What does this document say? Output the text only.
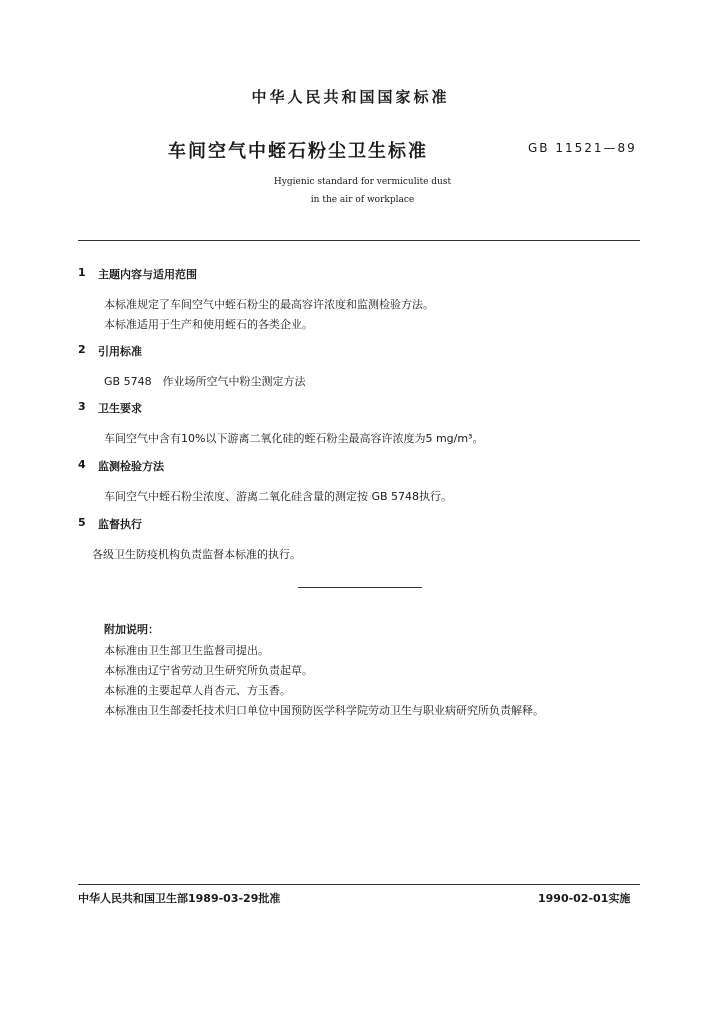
中华人民共和国国家标准
车间空气中蛭石粉尘卫生标准	GB 11521—89
Hygienic standard for vermiculite dust
in the air of workplace
1 主题内容与适用范围
本标准规定了车间空气中蛭石粉尘的最高容许浓度和监测检验方法。
本标准适用于生产和使用蛭石的各类企业。
2 引用标准
GB 5748　作业场所空气中粉尘测定方法
3 卫生要求
车间空气中含有10%以下游离二氧化硅的蛭石粉尘最高容许浓度为5 mg/m³。
4 监测检验方法
车间空气中蛭石粉尘浓度、游离二氧化硅含量的测定按 GB 5748执行。
5 监督执行
各级卫生防疫机构负责监督本标准的执行。
附加说明：
本标准由卫生部卫生监督司提出。
本标准由辽宁省劳动卫生研究所负责起草。
本标准的主要起草人肖杏元、方玉香。
本标准由卫生部委托技术归口单位中国预防医学科学院劳动卫生与职业病研究所负责解释。
中华人民共和国卫生部1989-03-29批准	1990-02-01实施
